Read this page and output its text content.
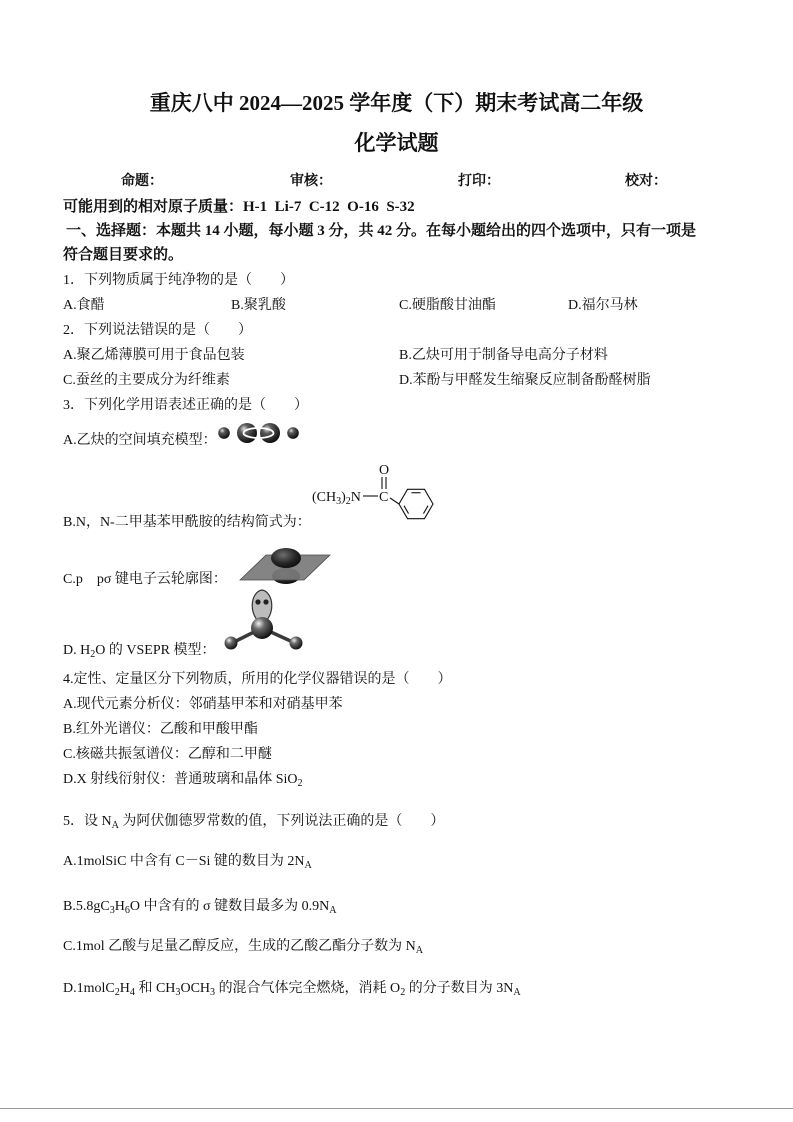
重庆八中 2024—2025 学年度（下）期末考试高二年级
化学试题
命题：	审核：	打印：	校对：
可能用到的相对原子质量：H-1  Li-7  C-12  O-16  S-32
一、选择题：本题共 14 小题，每小题 3 分，共 42 分。在每小题给出的四个选项中，只有一项是
符合题目要求的。
1．下列物质属于纯净物的是（　　）
A.食醋	B.聚乳酸	C.硬脂酸甘油酯	D.福尔马林
2．下列说法错误的是（　　）
A.聚乙烯薄膜可用于食品包装	B.乙炔可用于制备导电高分子材料
C.蚕丝的主要成分为纤维素	D.苯酚与甲醛发生缩聚反应制备酚醛树脂
3．下列化学用语表述正确的是（　　）
A.乙炔的空间填充模型：
$(CH_3)_2N$ C
O
B.N，N-二甲基苯甲酰胺的结构简式为：
C.p　pσ 键电子云轮廓图：
D. $H_2O$ 的 VSEPR 模型：
4.定性、定量区分下列物质，所用的化学仪器错误的是（　　）
A.现代元素分析仪：邻硝基甲苯和对硝基甲苯
B.红外光谱仪：乙酸和甲酸甲酯
C.核磁共振氢谱仪：乙醇和二甲醚
D.X 射线衍射仪：普通玻璃和晶体 SiO$_2$
5．设 $N_A$ 为阿伏伽德罗常数的值，下列说法正确的是（　　）
A.1molSiC 中含有 C－Si 键的数目为 $2N_A$
$B.5.8gC_3H_6O$ 中含有的 σ 键数目最多为 $0.9N_A$
C.1mol 乙酸与足量乙醇反应，生成的乙酸乙酯分子数为 $N_A$
$D.1molC_2H_4$ 和 $CH_3OCH_3$ 的混合气体完全燃烧，消耗 $O_2$ 的分子数目为 $3N_A$
